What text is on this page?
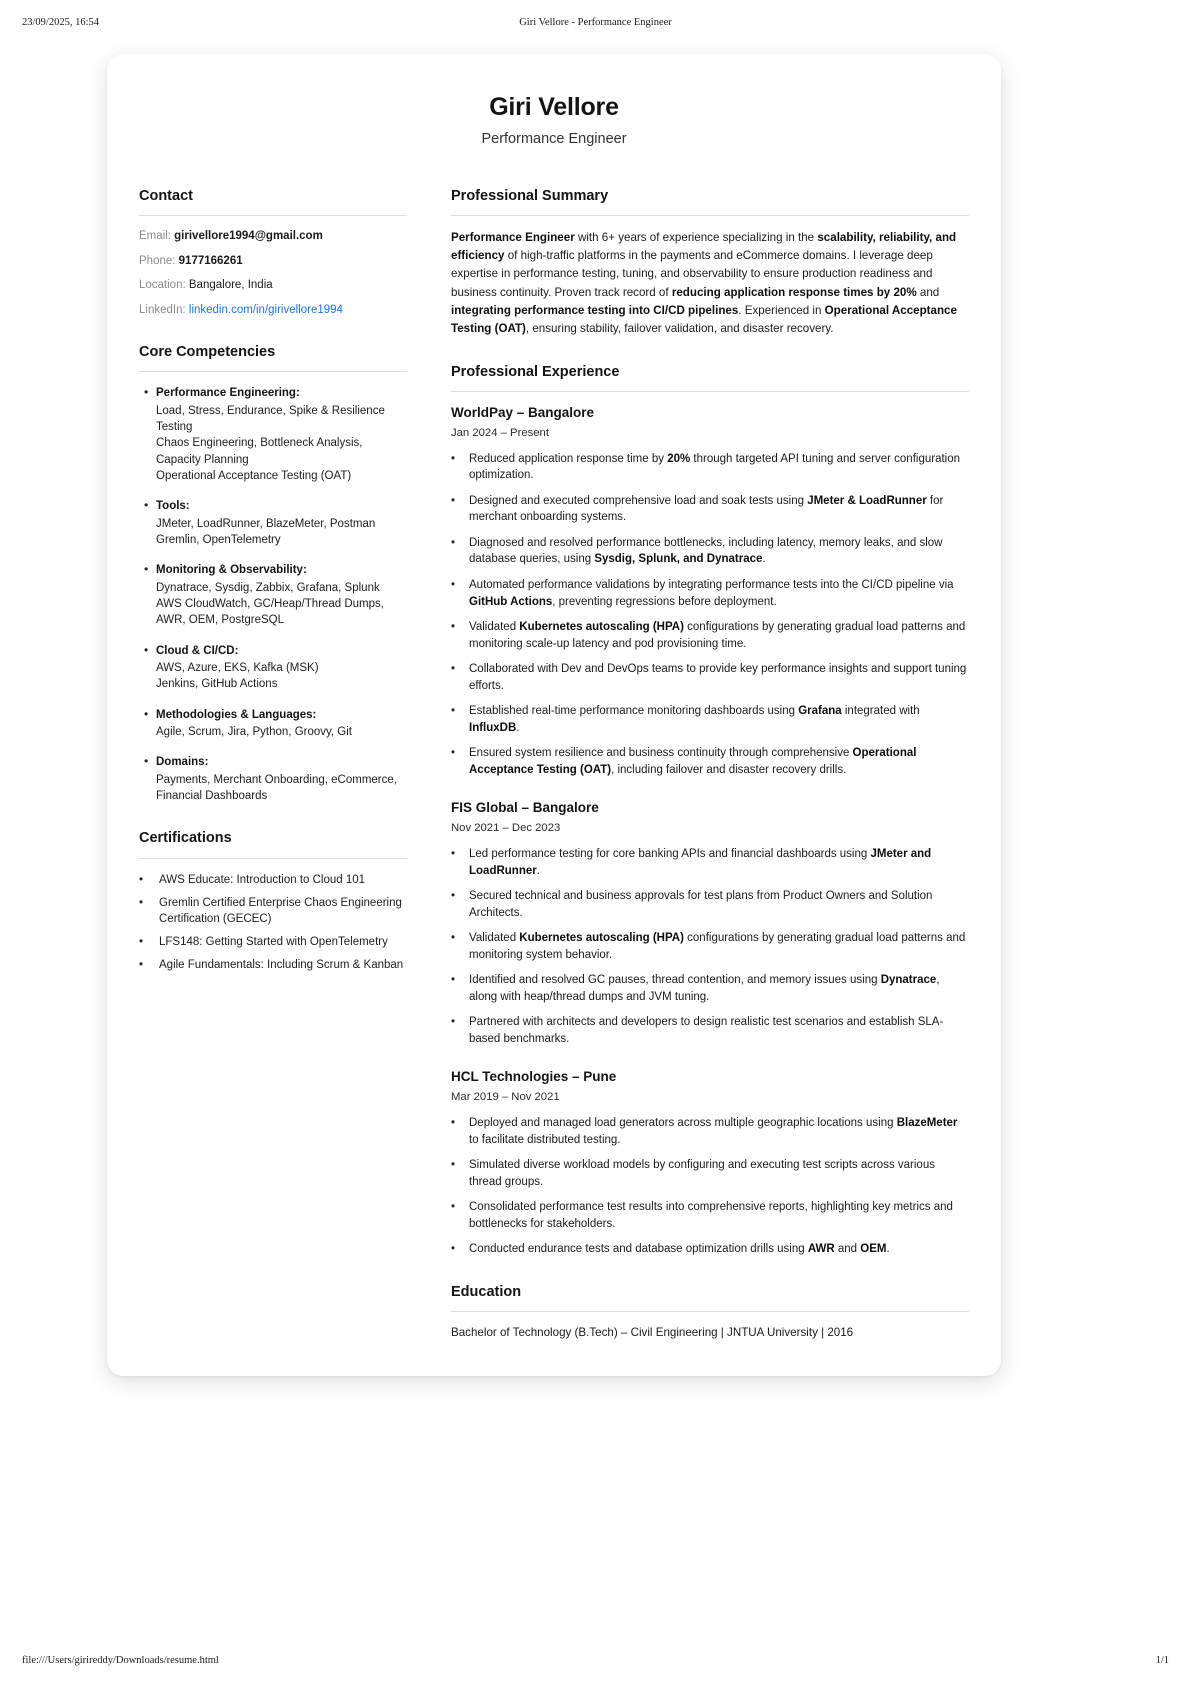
23/09/2025, 16:54	Giri Vellore - Performance Engineer
Giri Vellore

Performance Engineer

Contact
Email: girivellore1994@gmail.com
Phone: 9177166261
Location: Bangalore, India
LinkedIn: linkedin.com/in/girivellore1994
Core Competencies
• Performance Engineering:
Load, Stress, Endurance, Spike & Resilience Testing
Chaos Engineering, Bottleneck Analysis, Capacity Planning
Operational Acceptance Testing (OAT)
• Tools:
JMeter, LoadRunner, BlazeMeter, Postman
Gremlin, OpenTelemetry
• Monitoring & Observability:
Dynatrace, Sysdig, Zabbix, Grafana, Splunk
AWS CloudWatch, GC/Heap/Thread Dumps, AWR, OEM, PostgreSQL
• Cloud & CI/CD:
AWS, Azure, EKS, Kafka (MSK)
Jenkins, GitHub Actions
• Methodologies & Languages:
Agile, Scrum, Jira, Python, Groovy, Git
• Domains:
Payments, Merchant Onboarding, eCommerce, Financial Dashboards
Certifications
• AWS Educate: Introduction to Cloud 101
• Gremlin Certified Enterprise Chaos Engineering Certification (GECEC)
• LFS148: Getting Started with OpenTelemetry
• Agile Fundamentals: Including Scrum & Kanban
Professional Summary

Performance Engineer with 6+ years of experience specializing in the scalability, reliability, and efficiency of high-traffic platforms in the payments and eCommerce domains. I leverage deep expertise in performance testing, tuning, and observability to ensure production readiness and business continuity. Proven track record of reducing application response times by 20% and integrating performance testing into CI/CD pipelines. Experienced in Operational Acceptance Testing (OAT), ensuring stability, failover validation, and disaster recovery.

Professional Experience
WorldPay – Bangalore

Jan 2024 – Present

• Reduced application response time by 20% through targeted API tuning and server configuration optimization.
• Designed and executed comprehensive load and soak tests using JMeter & LoadRunner for merchant onboarding systems.
• Diagnosed and resolved performance bottlenecks, including latency, memory leaks, and slow database queries, using Sysdig, Splunk, and Dynatrace.
• Automated performance validations by integrating performance tests into the CI/CD pipeline via GitHub Actions, preventing regressions before deployment.
• Validated Kubernetes autoscaling (HPA) configurations by generating gradual load patterns and monitoring scale-up latency and pod provisioning time.
• Collaborated with Dev and DevOps teams to provide key performance insights and support tuning efforts.
• Established real-time performance monitoring dashboards using Grafana integrated with InfluxDB.
• Ensured system resilience and business continuity through comprehensive Operational Acceptance Testing (OAT), including failover and disaster recovery drills.
FIS Global – Bangalore

Nov 2021 – Dec 2023

• Led performance testing for core banking APIs and financial dashboards using JMeter and LoadRunner.
• Secured technical and business approvals for test plans from Product Owners and Solution Architects.
• Validated Kubernetes autoscaling (HPA) configurations by generating gradual load patterns and monitoring system behavior.
• Identified and resolved GC pauses, thread contention, and memory issues using Dynatrace, along with heap/thread dumps and JVM tuning.
• Partnered with architects and developers to design realistic test scenarios and establish SLA-based benchmarks.
HCL Technologies – Pune

Mar 2019 – Nov 2021

• Deployed and managed load generators across multiple geographic locations using BlazeMeter to facilitate distributed testing.
• Simulated diverse workload models by configuring and executing test scripts across various thread groups.
• Consolidated performance test results into comprehensive reports, highlighting key metrics and bottlenecks for stakeholders.
• Conducted endurance tests and database optimization drills using AWR and OEM.
Education

Bachelor of Technology (B.Tech) – Civil Engineering | JNTUA University | 2016

file:///Users/girireddy/Downloads/resume.html	1/1
